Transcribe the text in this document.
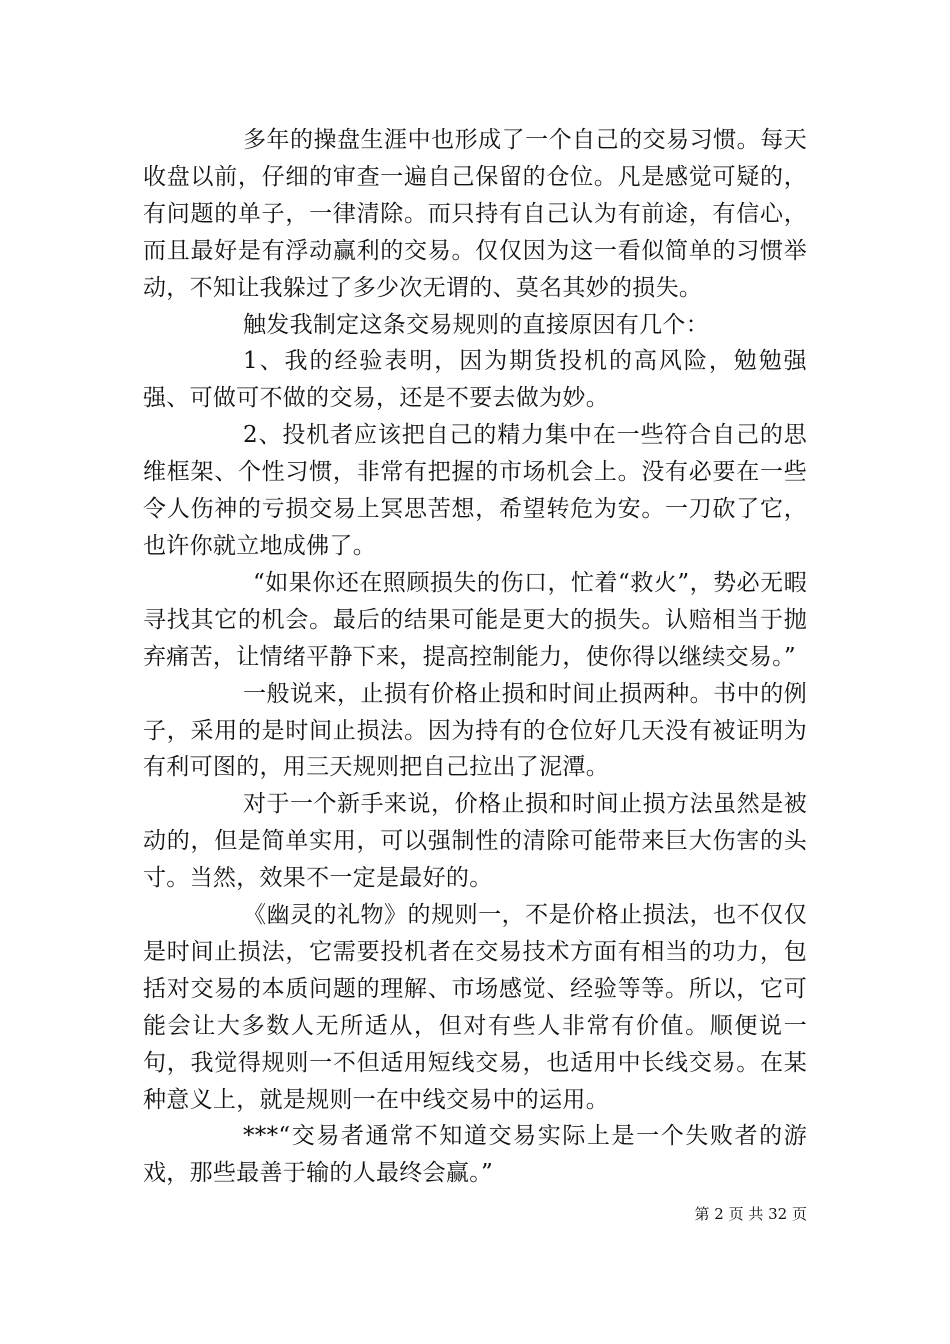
多年的操盘生涯中也形成了一个自己的交易习惯。每天收盘以前，仔细的审查一遍自己保留的仓位。凡是感觉可疑的，有问题的单子，一律清除。而只持有自己认为有前途，有信心，而且最好是有浮动赢利的交易。仅仅因为这一看似简单的习惯举动，不知让我躲过了多少次无谓的、莫名其妙的损失。

触发我制定这条交易规则的直接原因有几个：

1、我的经验表明，因为期货投机的高风险，勉勉强强、可做可不做的交易，还是不要去做为妙。

2、投机者应该把自己的精力集中在一些符合自己的思维框架、个性习惯，非常有把握的市场机会上。没有必要在一些令人伤神的亏损交易上冥思苦想，希望转危为安。一刀砍了它，也许你就立地成佛了。

“如果你还在照顾损失的伤口，忙着“救火”，势必无暇寻找其它的机会。最后的结果可能是更大的损失。认赔相当于抛弃痛苦，让情绪平静下来，提高控制能力，使你得以继续交易。”

一般说来，止损有价格止损和时间止损两种。书中的例子，采用的是时间止损法。因为持有的仓位好几天没有被证明为有利可图的，用三天规则把自己拉出了泥潭。

对于一个新手来说，价格止损和时间止损方法虽然是被动的，但是简单实用，可以强制性的清除可能带来巨大伤害的头寸。当然，效果不一定是最好的。

《幽灵的礼物》的规则一，不是价格止损法，也不仅仅是时间止损法，它需要投机者在交易技术方面有相当的功力，包括对交易的本质问题的理解、市场感觉、经验等等。所以，它可能会让大多数人无所适从，但对有些人非常有价值。顺便说一句，我觉得规则一不但适用短线交易，也适用中长线交易。在某种意义上，就是规则一在中线交易中的运用。

***“交易者通常不知道交易实际上是一个失败者的游戏，那些最善于输的人最终会赢。”

第 2 页 共 32 页
